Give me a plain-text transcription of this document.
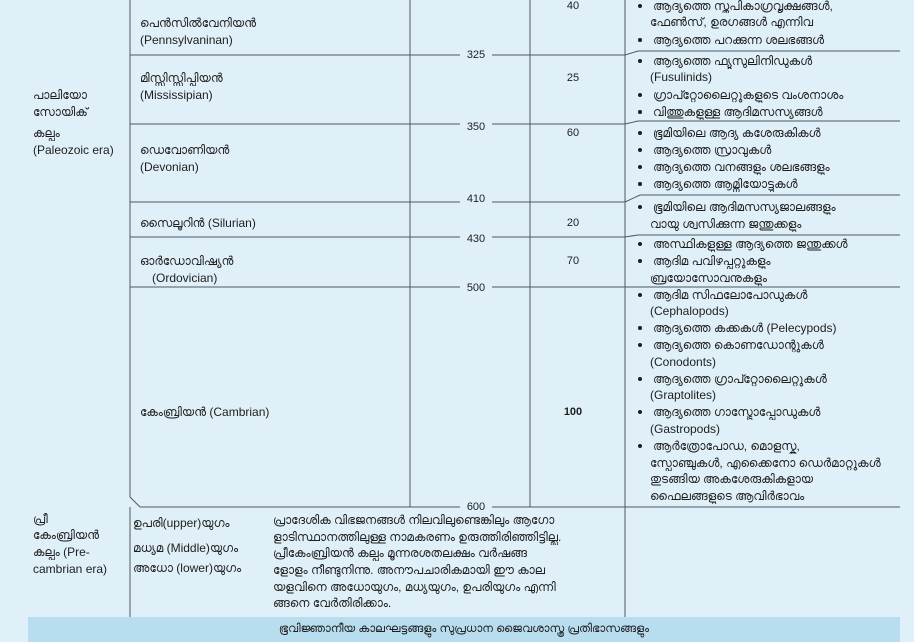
പാലിയോ
സോയിക്
കല്പം
(Paleozoic era)
പ്രീ
കേംബ്രിയൻ
കല്പം (Pre-
cambrian era)
പെൻസിൽവേനിയൻ
(Pennsylvaninan)
മിസ്സിസ്സിപ്പിയൻ
(Mississipian)
ഡെവോണിയൻ
(Devonian)
സൈലൂറിൻ (Silurian)
ഓർഡോവിഷ്യൻ
(Ordovician)
കേംബ്രിയൻ (Cambrian)
325
350
410
430
500
600
40
25
60
20
70
100
ആദ്യത്തെ സ്തൂപികാഗ്രവൃക്ഷങ്ങൾ,
ഫേൺസ്, ഉരഗങ്ങൾ എന്നിവ
ആദ്യത്തെ പറക്കുന്ന ശലഭങ്ങൾ
ആദ്യത്തെ ഫ്യൂസുലിനിഡുകൾ
(Fusulinids)
ഗ്രാപ്റ്റോലൈറ്റുകളുടെ വംശനാശം
വിത്തുകളുള്ള ആദിമസസ്യങ്ങൾ
ഭൂമിയിലെ ആദ്യ കശേരുകികൾ
ആദ്യത്തെ സ്രാവുകൾ
ആദ്യത്തെ വനങ്ങളും ശലഭങ്ങളും
ആദ്യത്തെ ആമ്നിയോട്ടുകൾ
ഭൂമിയിലെ ആദിമസസ്യജാലങ്ങളും
വായു ശ്വസിക്കുന്ന ജന്തുക്കളും
അസ്ഥികളുള്ള ആദ്യത്തെ ജന്തുക്കൾ
ആദിമ പവിഴപ്പുറ്റുകളും
ബ്രയോസോവനുകളും
ആദിമ സിഫലോപോഡുകൾ
(Cephalopods)
ആദ്യത്തെ കക്കകൾ (Pelecypods)
ആദ്യത്തെ കൊണഡോന്റുകൾ
(Conodonts)
ആദ്യത്തെ ഗ്രാപ്റ്റോലൈറ്റുകൾ
(Graptolites)
ആദ്യത്തെ ഗാസ്ട്രോപ്പോഡുകൾ
(Gastropods)
ആർത്രോപോഡ, മൊളസ്ക,
സ്പോഞ്ചുകൾ, എക്കൈനോ ഡെർമാറ്റുകൾ
തുടങ്ങിയ അകശേരുകികളായ
ഫൈലങ്ങളുടെ ആവിർഭാവം
ഉപരി(upper)യുഗം
മധ്യമ (Middle)യുഗം
അധോ (lower)യുഗം
പ്രാദേശിക വിഭജനങ്ങൾ നിലവിലുണ്ടെങ്കിലും ആഗോ
ളാടിസ്ഥാനത്തിലുള്ള നാമകരണം ഉരുത്തിരിഞ്ഞിട്ടില്ല.
പ്രീകേംബ്രിയൻ കല്പം മൂന്നരശതലക്ഷം വർഷങ്ങ
ളോളം നീണ്ടുനിന്നു. അനൗപചാരികമായി ഈ കാല
യളവിനെ അധോയുഗം, മധ്യയുഗം, ഉപരിയുഗം എന്നി
ങ്ങനെ വേർതിരിക്കാം.
ഭൂവിജ്ഞാനീയ കാലഘട്ടങ്ങളും സുപ്രധാന ജൈവശാസ്ത്ര പ്രതിഭാസങ്ങളും
